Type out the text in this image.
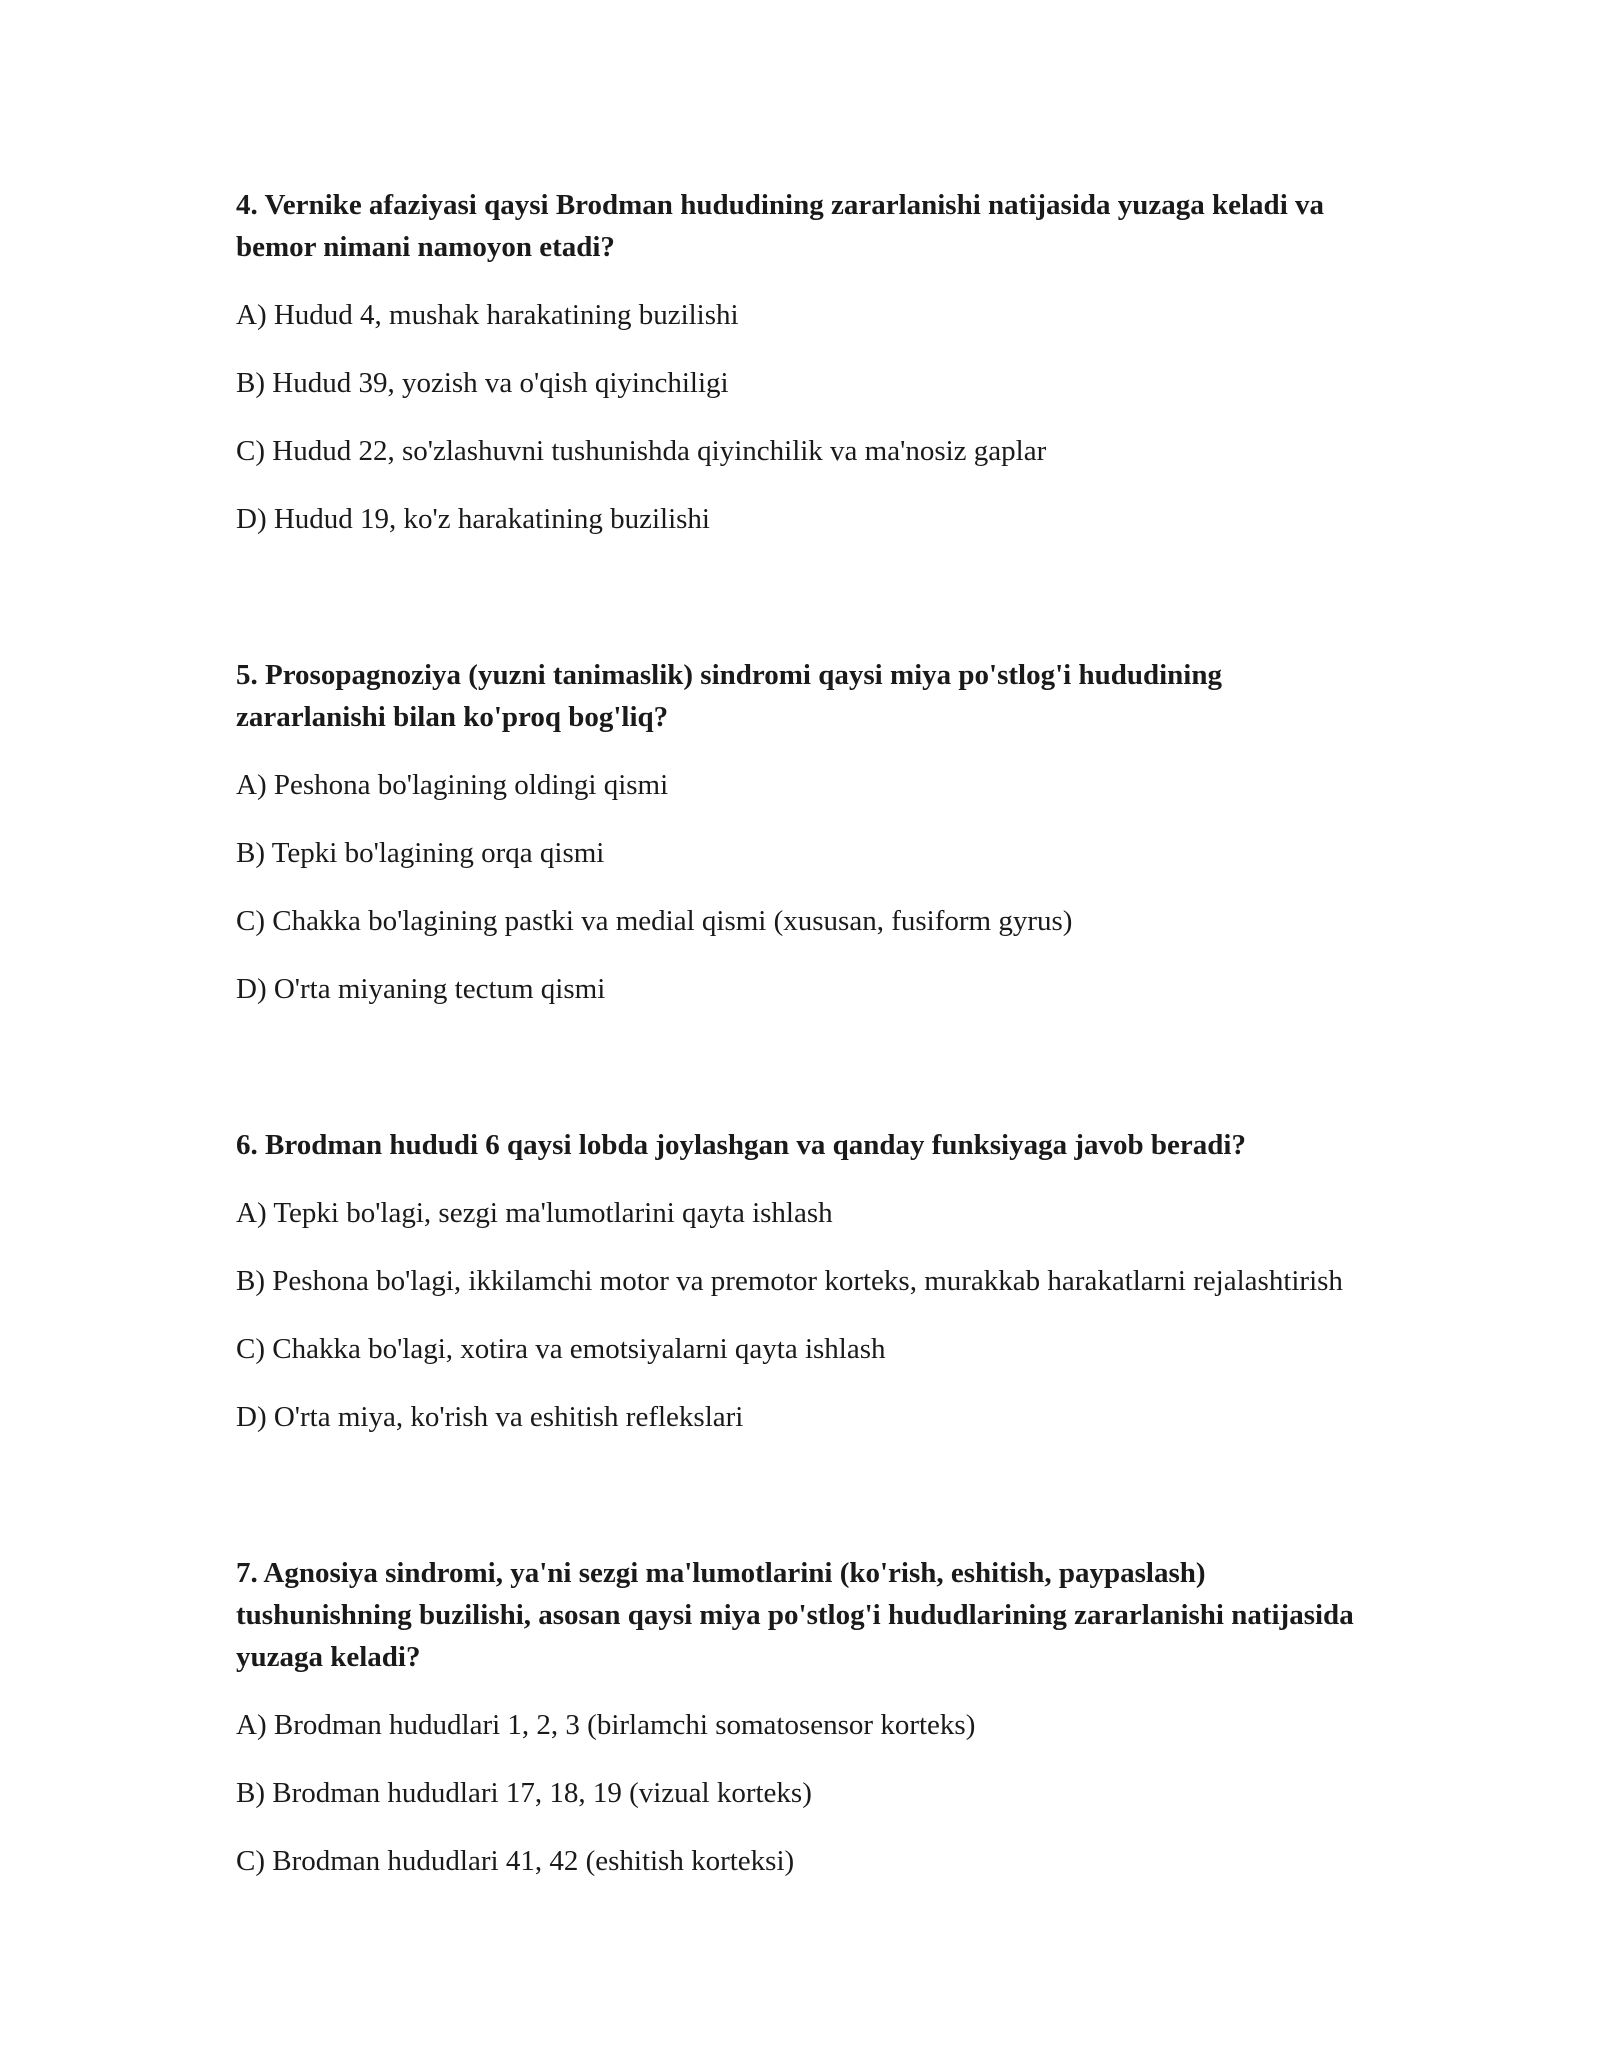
4. Vernike afaziyasi qaysi Brodman hududining zararlanishi natijasida yuzaga keladi va bemor nimani namoyon etadi?

A) Hudud 4, mushak harakatining buzilishi

B) Hudud 39, yozish va o'qish qiyinchiligi

C) Hudud 22, so'zlashuvni tushunishda qiyinchilik va ma'nosiz gaplar

D) Hudud 19, ko'z harakatining buzilishi

5. Prosopagnoziya (yuzni tanimaslik) sindromi qaysi miya po'stlog'i hududining zararlanishi bilan ko'proq bog'liq?

A) Peshona bo'lagining oldingi qismi

B) Tepki bo'lagining orqa qismi

C) Chakka bo'lagining pastki va medial qismi (xususan, fusiform gyrus)

D) O'rta miyaning tectum qismi

6. Brodman hududi 6 qaysi lobda joylashgan va qanday funksiyaga javob beradi?

A) Tepki bo'lagi, sezgi ma'lumotlarini qayta ishlash

B) Peshona bo'lagi, ikkilamchi motor va premotor korteks, murakkab harakatlarni rejalashtirish

C) Chakka bo'lagi, xotira va emotsiyalarni qayta ishlash

D) O'rta miya, ko'rish va eshitish reflekslari

7. Agnosiya sindromi, ya'ni sezgi ma'lumotlarini (ko'rish, eshitish, paypaslash) tushunishning buzilishi, asosan qaysi miya po'stlog'i hududlarining zararlanishi natijasida yuzaga keladi?

A) Brodman hududlari 1, 2, 3 (birlamchi somatosensor korteks)

B) Brodman hududlari 17, 18, 19 (vizual korteks)

C) Brodman hududlari 41, 42 (eshitish korteksi)
